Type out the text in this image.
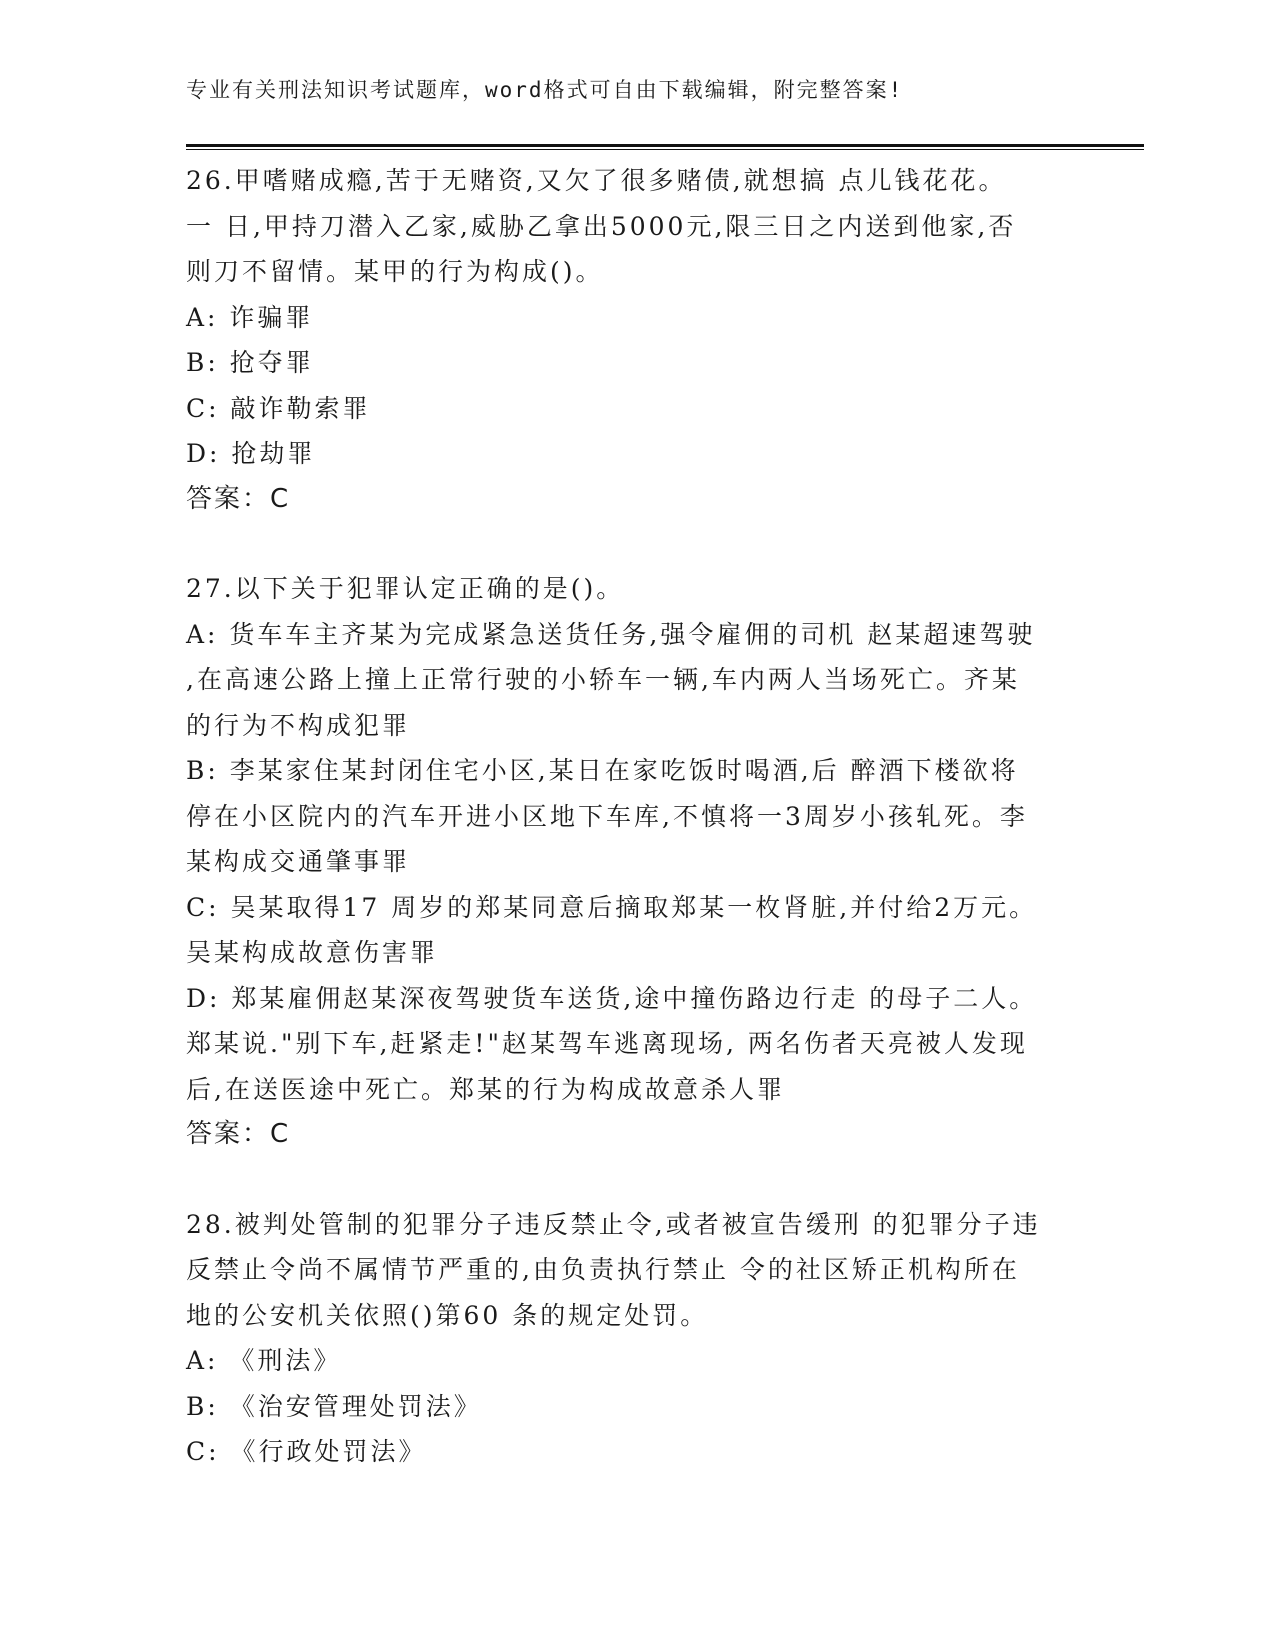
专业有关刑法知识考试题库，word格式可自由下载编辑，附完整答案!
26.甲嗜赌成瘾,苦于无赌资,又欠了很多赌债,就想搞 点儿钱花花。
一 日,甲持刀潜入乙家,威胁乙拿出5000元,限三日之内送到他家,否
则刀不留情。某甲的行为构成()。
A: 诈骗罪
B: 抢夺罪
C: 敲诈勒索罪
D: 抢劫罪
答案：C
27.以下关于犯罪认定正确的是()。
A: 货车车主齐某为完成紧急送货任务,强令雇佣的司机 赵某超速驾驶
,在高速公路上撞上正常行驶的小轿车一辆,车内两人当场死亡。齐某
的行为不构成犯罪
B: 李某家住某封闭住宅小区,某日在家吃饭时喝酒,后 醉酒下楼欲将
停在小区院内的汽车开进小区地下车库,不慎将一3周岁小孩轧死。李
某构成交通肇事罪
C: 吴某取得17 周岁的郑某同意后摘取郑某一枚肾脏,并付给2万元。
吴某构成故意伤害罪
D: 郑某雇佣赵某深夜驾驶货车送货,途中撞伤路边行走 的母子二人。
郑某说."别下车,赶紧走!"赵某驾车逃离现场, 两名伤者天亮被人发现
后,在送医途中死亡。郑某的行为构成故意杀人罪
答案：C
28.被判处管制的犯罪分子违反禁止令,或者被宣告缓刑 的犯罪分子违
反禁止令尚不属情节严重的,由负责执行禁止 令的社区矫正机构所在
地的公安机关依照()第60 条的规定处罚。
A: 《刑法》
B: 《治安管理处罚法》
C: 《行政处罚法》
